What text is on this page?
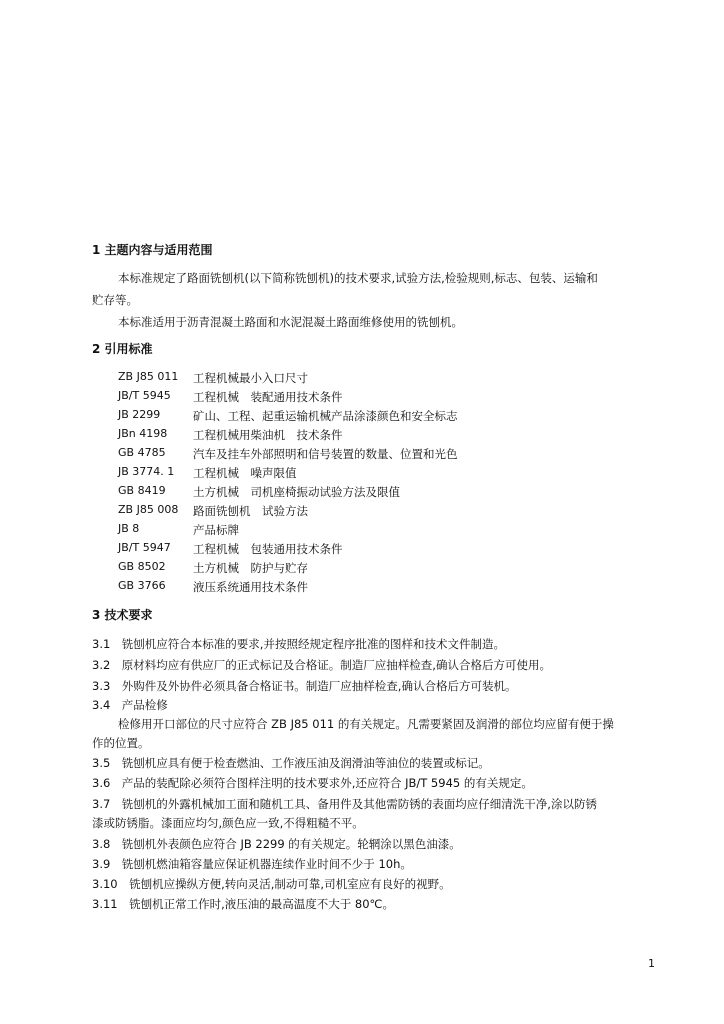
1 主题内容与适用范围
本标准规定了路面铣刨机(以下简称铣刨机)的技术要求,试验方法,检验规则,标志、包装、运输和
贮存等。
本标准适用于沥青混凝土路面和水泥混凝土路面维修使用的铣刨机。
2 引用标准
ZB J85 011 工程机械最小入口尺寸
JB/T 5945 工程机械　装配通用技术条件
JB 2299	矿山、工程、起重运输机械产品涂漆颜色和安全标志
JBn 4198 工程机械用柴油机　技术条件
GB 4785 汽车及挂车外部照明和信号装置的数量、位置和光色
JB 3774. 1 工程机械　噪声限值
GB 8419 土方机械　司机座椅振动试验方法及限值
ZB J85 008 路面铣刨机　试验方法
JB 8	产品标牌
JB/T 5947 工程机械　包装通用技术条件
GB 8502 土方机械　防护与贮存
GB 3766 液压系统通用技术条件
3 技术要求
3.1　铣刨机应符合本标准的要求,并按照经规定程序批准的图样和技术文件制造。
3.2　原材料均应有供应厂的正式标记及合格证。制造厂应抽样检查,确认合格后方可使用。
3.3　外购件及外协件必须具备合格证书。制造厂应抽样检查,确认合格后方可装机。
3.4　产品检修
检修用开口部位的尺寸应符合 ZB J85 011 的有关规定。凡需要紧固及润滑的部位均应留有便于操
作的位置。
3.5　铣刨机应具有便于检查燃油、工作液压油及润滑油等油位的装置或标记。
3.6　产品的装配除必须符合图样注明的技术要求外,还应符合 JB/T 5945 的有关规定。
3.7　铣刨机的外露机械加工面和随机工具、备用件及其他需防锈的表面均应仔细清洗干净,涂以防锈
漆或防锈脂。漆面应均匀,颜色应一致,不得粗糙不平。
3.8　铣刨机外表颜色应符合 JB 2299 的有关规定。轮辋涂以黑色油漆。
3.9　铣刨机燃油箱容量应保证机器连续作业时间不少于 10h。
3.10　铣刨机应操纵方便,转向灵活,制动可靠,司机室应有良好的视野。
3.11　铣刨机正常工作时,液压油的最高温度不大于 80℃。
1
